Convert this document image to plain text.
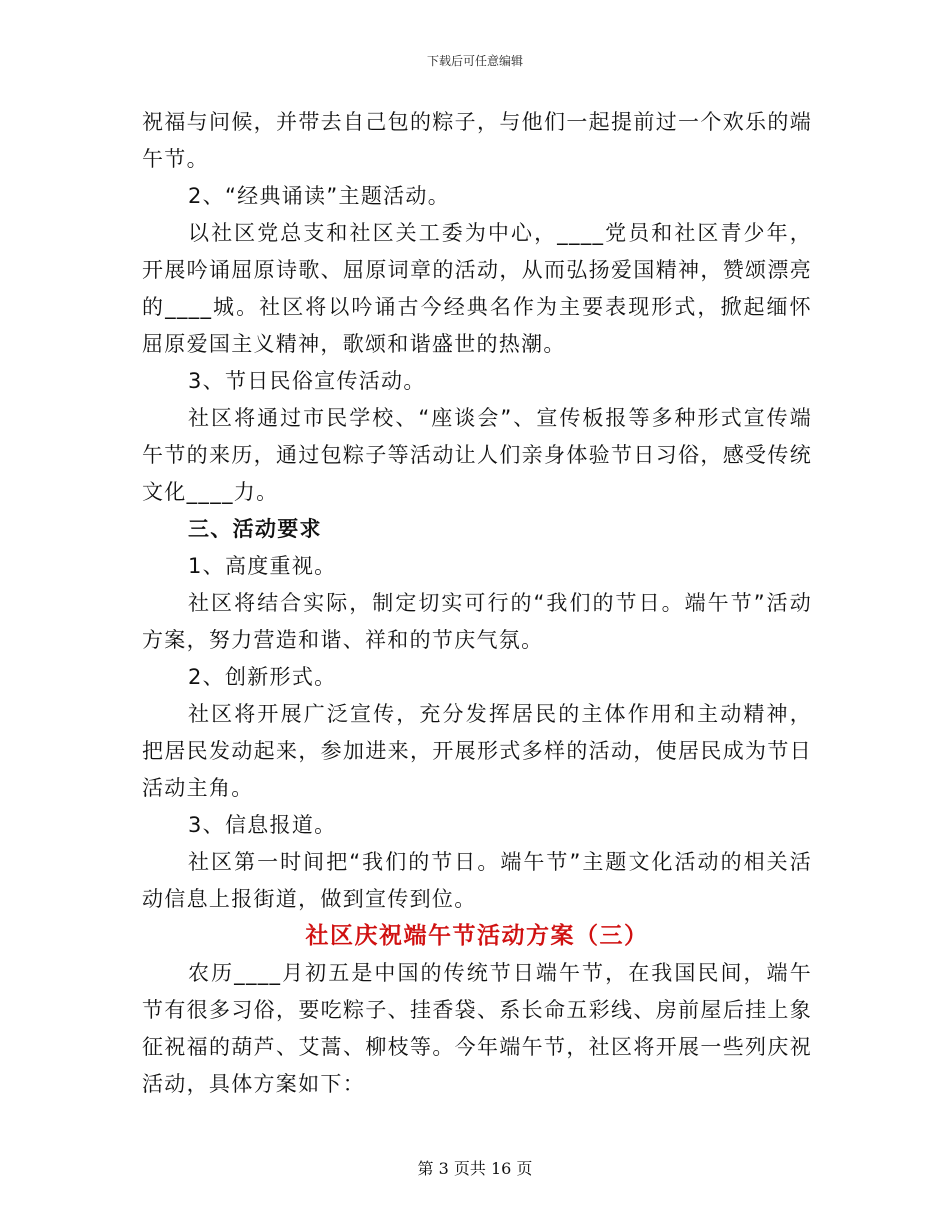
下载后可任意编辑

祝福与问候，并带去自己包的粽子，与他们一起提前过一个欢乐的端午节。

2、“经典诵读”主题活动。

以社区党总支和社区关工委为中心，____党员和社区青少年，开展吟诵屈原诗歌、屈原词章的活动，从而弘扬爱国精神，赞颂漂亮的____城。社区将以吟诵古今经典名作为主要表现形式，掀起缅怀屈原爱国主义精神，歌颂和谐盛世的热潮。

3、节日民俗宣传活动。

社区将通过市民学校、“座谈会”、宣传板报等多种形式宣传端午节的来历，通过包粽子等活动让人们亲身体验节日习俗，感受传统文化____力。

三、活动要求

1、高度重视。

社区将结合实际，制定切实可行的“我们的节日。端午节”活动方案，努力营造和谐、祥和的节庆气氛。

2、创新形式。

社区将开展广泛宣传，充分发挥居民的主体作用和主动精神，把居民发动起来，参加进来，开展形式多样的活动，使居民成为节日活动主角。

3、信息报道。

社区第一时间把“我们的节日。端午节”主题文化活动的相关活动信息上报街道，做到宣传到位。

社区庆祝端午节活动方案（三）

农历____月初五是中国的传统节日端午节，在我国民间，端午节有很多习俗，要吃粽子、挂香袋、系长命五彩线、房前屋后挂上象征祝福的葫芦、艾蒿、柳枝等。今年端午节，社区将开展一些列庆祝活动，具体方案如下：

第 3 页共 16 页
